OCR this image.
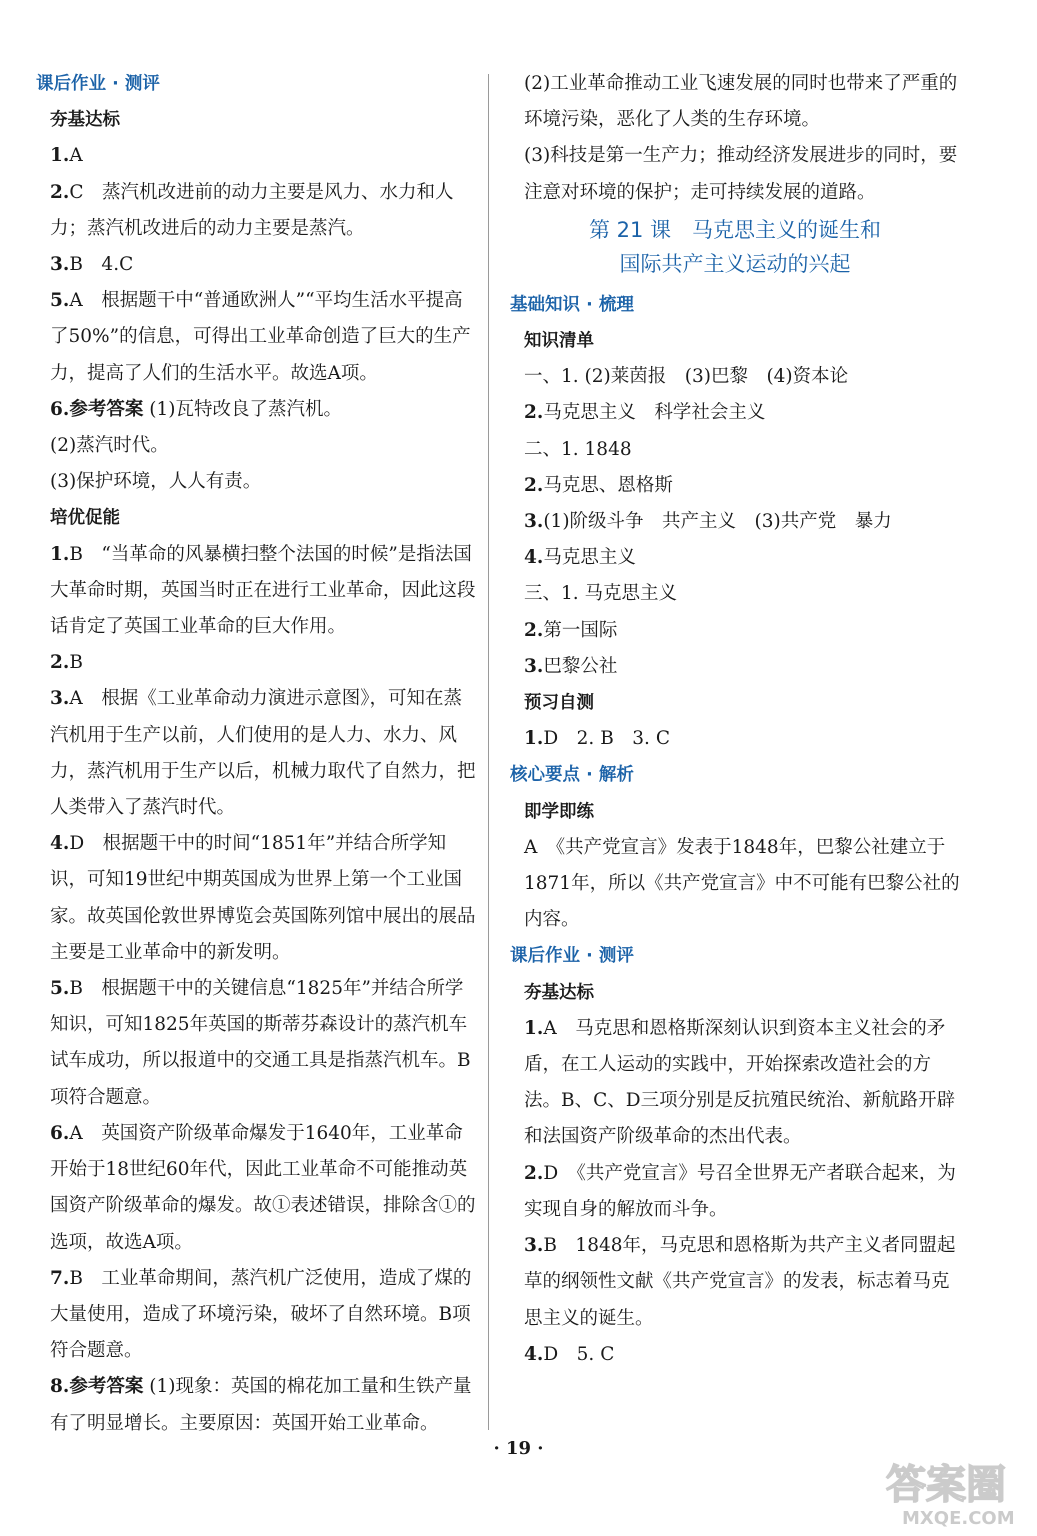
课后作业 · 测评
夯基达标
1.A
2.C　蒸汽机改进前的动力主要是风力、水力和人力；蒸汽机改进后的动力主要是蒸汽。
3.B　4.C
5.A　根据题干中“普通欧洲人”“平均生活水平提高了50%”的信息，可得出工业革命创造了巨大的生产力，提高了人们的生活水平。故选A项。
6.参考答案 (1)瓦特改良了蒸汽机。
(2)蒸汽时代。
(3)保护环境，人人有责。
培优促能
1.B　“当革命的风暴横扫整个法国的时候”是指法国大革命时期，英国当时正在进行工业革命，因此这段话肯定了英国工业革命的巨大作用。
2.B
3.A　根据《工业革命动力演进示意图》，可知在蒸汽机用于生产以前，人们使用的是人力、水力、风力，蒸汽机用于生产以后，机械力取代了自然力，把人类带入了蒸汽时代。
4.D　根据题干中的时间“1851年”并结合所学知识，可知19世纪中期英国成为世界上第一个工业国家。故英国伦敦世界博览会英国陈列馆中展出的展品主要是工业革命中的新发明。
5.B　根据题干中的关键信息“1825年”并结合所学知识，可知1825年英国的斯蒂芬森设计的蒸汽机车试车成功，所以报道中的交通工具是指蒸汽机车。B项符合题意。
6.A　英国资产阶级革命爆发于1640年，工业革命开始于18世纪60年代，因此工业革命不可能推动英国资产阶级革命的爆发。故①表述错误，排除含①的选项，故选A项。
7.B　工业革命期间，蒸汽机广泛使用，造成了煤的大量使用，造成了环境污染，破坏了自然环境。B项符合题意。
8.参考答案 (1)现象：英国的棉花加工量和生铁产量有了明显增长。主要原因：英国开始工业革命。
(2)工业革命推动工业飞速发展的同时也带来了严重的环境污染，恶化了人类的生存环境。
(3)科技是第一生产力；推动经济发展进步的同时，要注意对环境的保护；走可持续发展的道路。
第 21 课　马克思主义的诞生和
国际共产主义运动的兴起
基础知识 · 梳理
知识清单
一、1. (2)莱茵报　(3)巴黎　(4)资本论
2.马克思主义　科学社会主义
二、1. 1848
2.马克思、恩格斯
3.(1)阶级斗争　共产主义　(3)共产党　暴力
4.马克思主义
三、1. 马克思主义
2.第一国际
3.巴黎公社
预习自测
1.D　2. B　3. C
核心要点 · 解析
即学即练
A　《共产党宣言》发表于1848年，巴黎公社建立于1871年，所以《共产党宣言》中不可能有巴黎公社的内容。
课后作业 · 测评
夯基达标
1.A　马克思和恩格斯深刻认识到资本主义社会的矛盾，在工人运动的实践中，开始探索改造社会的方法。B、C、D三项分别是反抗殖民统治、新航路开辟和法国资产阶级革命的杰出代表。
2.D　《共产党宣言》号召全世界无产者联合起来，为实现自身的解放而斗争。
3.B　1848年，马克思和恩格斯为共产主义者同盟起草的纲领性文献《共产党宣言》的发表，标志着马克思主义的诞生。
4.D　5. C
· 19 ·
答案圈
MXQE.COM
